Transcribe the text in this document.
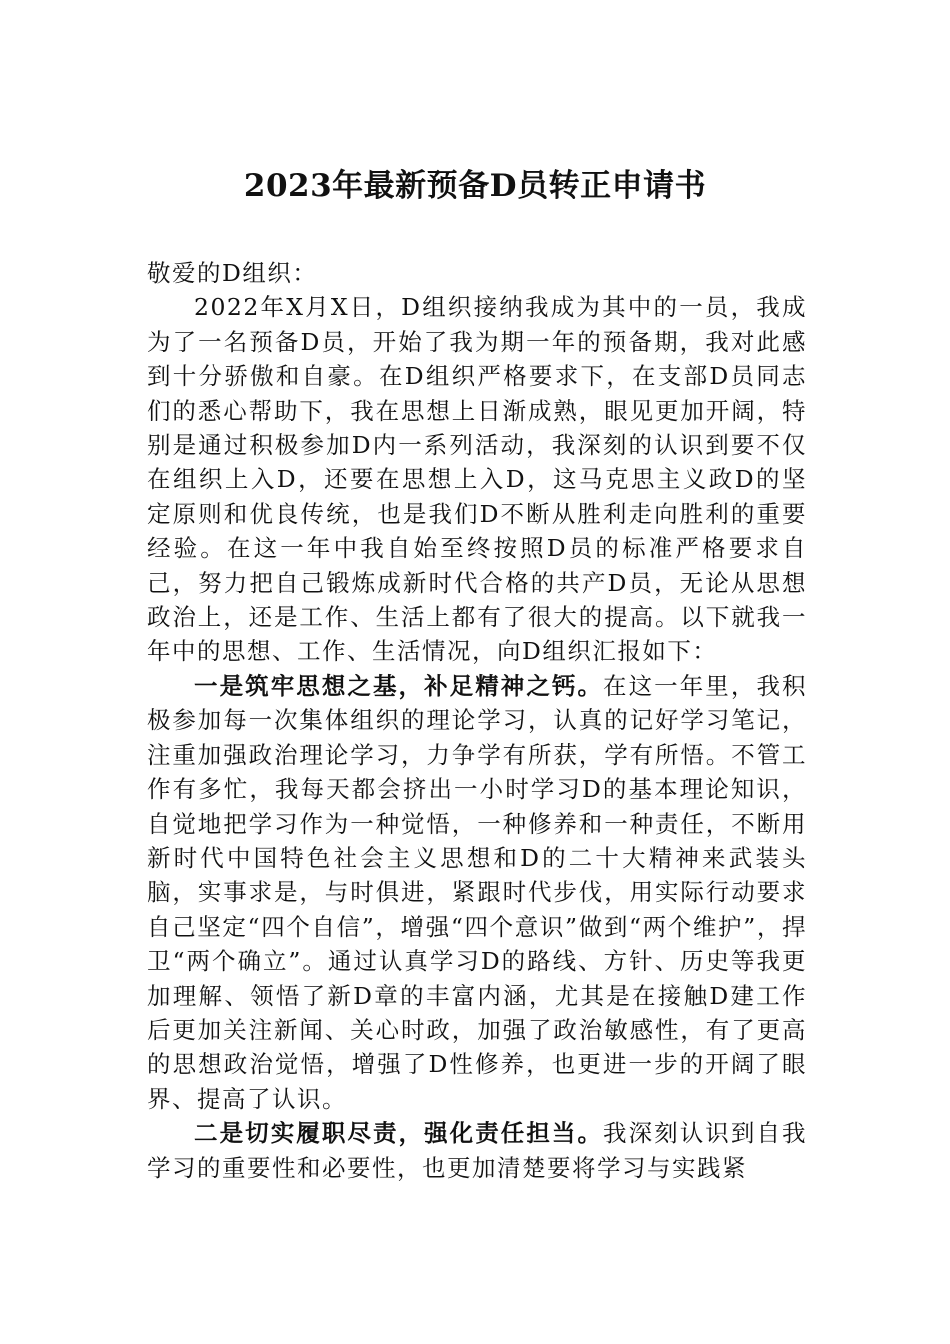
2023年最新预备D员转正申请书

敬爱的D组织：

2022年X月X日，D组织接纳我成为其中的一员，我成为了一名预备D员，开始了我为期一年的预备期，我对此感到十分骄傲和自豪。在D组织严格要求下，在支部D员同志们的悉心帮助下，我在思想上日渐成熟，眼见更加开阔，特别是通过积极参加D内一系列活动，我深刻的认识到要不仅在组织上入D，还要在思想上入D，这马克思主义政D的坚定原则和优良传统，也是我们D不断从胜利走向胜利的重要经验。在这一年中我自始至终按照D员的标准严格要求自己，努力把自己锻炼成新时代合格的共产D员，无论从思想政治上，还是工作、生活上都有了很大的提高。以下就我一年中的思想、工作、生活情况，向D组织汇报如下：

一是筑牢思想之基，补足精神之钙。在这一年里，我积极参加每一次集体组织的理论学习，认真的记好学习笔记，注重加强政治理论学习，力争学有所获，学有所悟。不管工作有多忙，我每天都会挤出一小时学习D的基本理论知识，自觉地把学习作为一种觉悟，一种修养和一种责任，不断用新时代中国特色社会主义思想和D的二十大精神来武装头脑，实事求是，与时俱进，紧跟时代步伐，用实际行动要求自己坚定“四个自信”，增强“四个意识”做到“两个维护”，捍卫“两个确立”。通过认真学习D的路线、方针、历史等我更加理解、领悟了新D章的丰富内涵，尤其是在接触D建工作后更加关注新闻、关心时政，加强了政治敏感性，有了更高的思想政治觉悟，增强了D性修养，也更进一步的开阔了眼界、提高了认识。

二是切实履职尽责，强化责任担当。我深刻认识到自我学习的重要性和必要性，也更加清楚要将学习与实践紧
